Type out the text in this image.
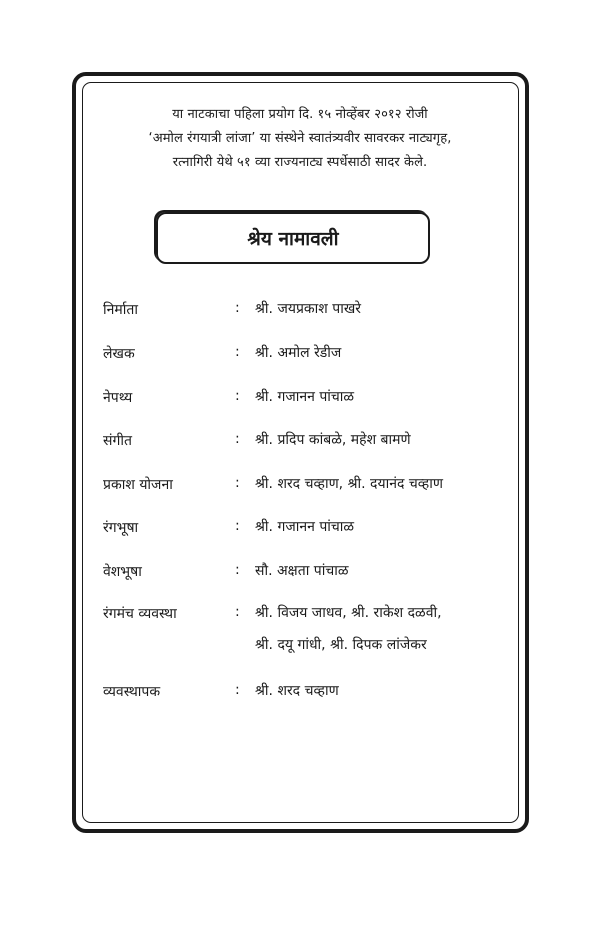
या नाटकाचा पहिला प्रयोग दि. १५ नोव्हेंबर २०१२ रोजी
‘अमोल रंगयात्री लांजा’ या संस्थेने स्वातंत्र्यवीर सावरकर नाट्यगृह,
रत्नागिरी येथे ५१ व्या राज्यनाट्य स्पर्धेसाठी सादर केले.
श्रेय नामावली
निर्माता	: श्री. जयप्रकाश पाखरे
लेखक	: श्री. अमोल रेडीज
नेपथ्य	: श्री. गजानन पांचाळ
संगीत	: श्री. प्रदिप कांबळे, महेश बामणे
प्रकाश योजना	: श्री. शरद चव्हाण, श्री. दयानंद चव्हाण
रंगभूषा	: श्री. गजानन पांचाळ
वेशभूषा	: सौ. अक्षता पांचाळ
रंगमंच व्यवस्था	: श्री. विजय जाधव, श्री. राकेश दळवी,
श्री. दयू गांधी, श्री. दिपक लांजेकर
व्यवस्थापक	: श्री. शरद चव्हाण
